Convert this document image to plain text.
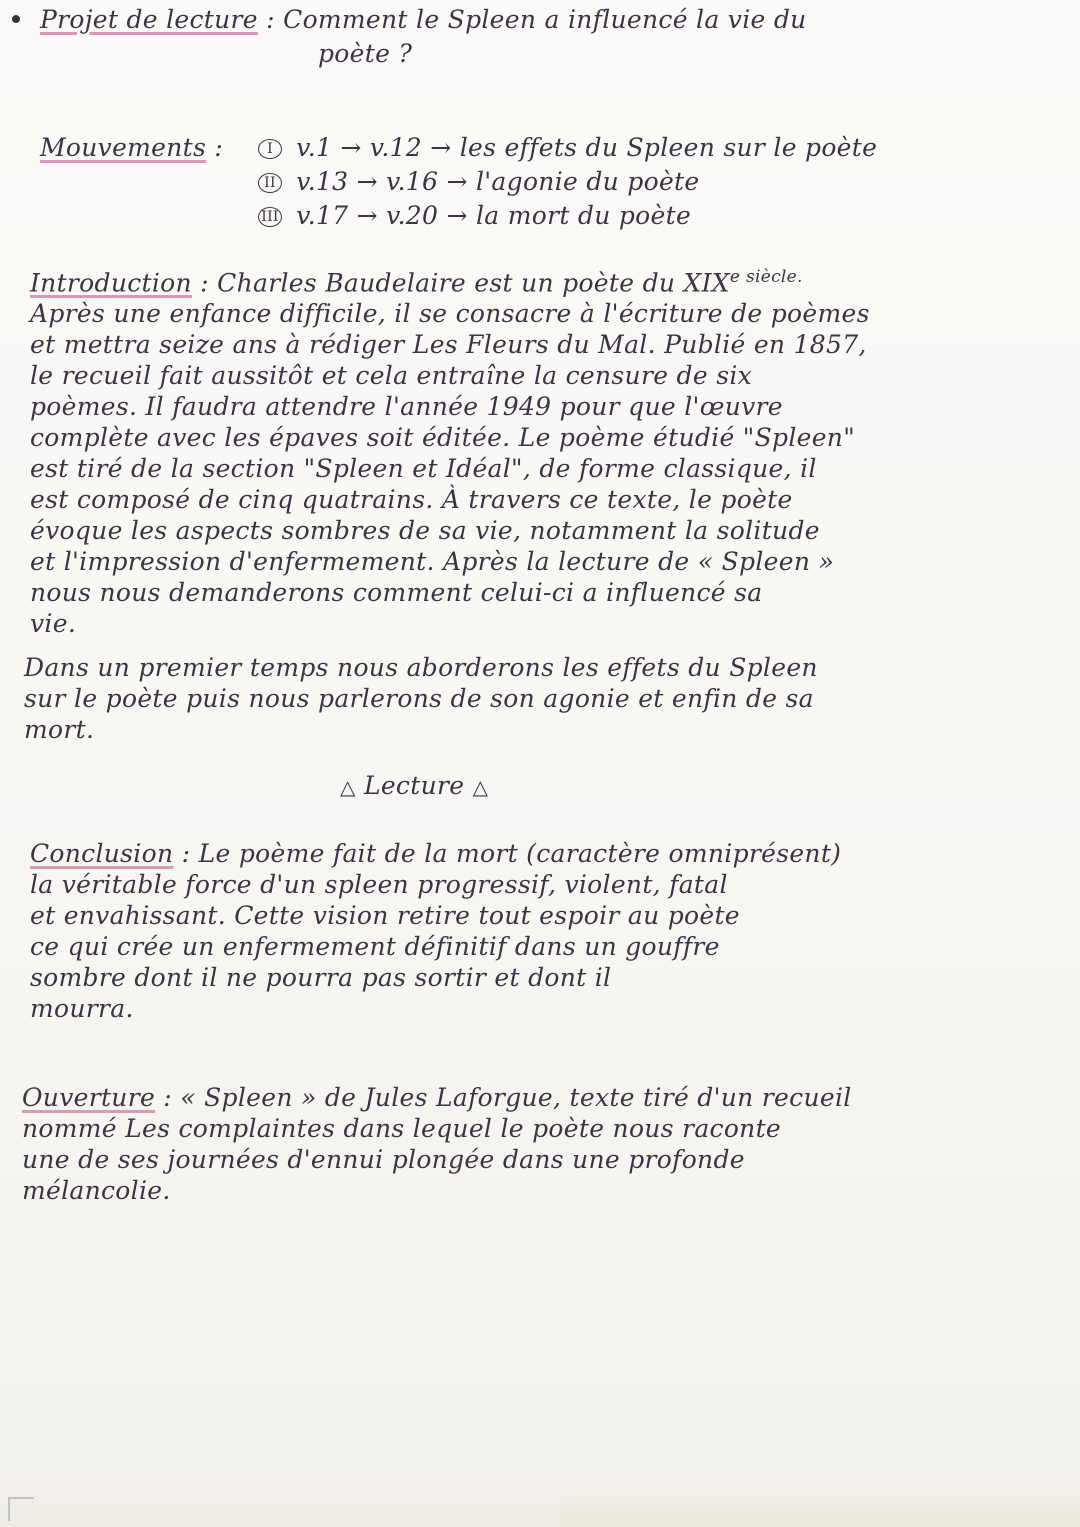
Projet de lecture : Comment le Spleen a influencé la vie du
poète ?
Mouvements :	I v.1 → v.12 → les effets du Spleen sur le poète
II v.13 → v.16 → l'agonie du poète
III v.17 → v.20 → la mort du poète
Introduction : Charles Baudelaire est un poète du $XIX^{e siècle.}$
Après une enfance difficile, il se consacre à l'écriture de poèmes
et mettra seize ans à rédiger Les Fleurs du Mal. Publié en 1857,
le recueil fait aussitôt et cela entraîne la censure de six
poèmes. Il faudra attendre l'année 1949 pour que l'œuvre
complète avec les épaves soit éditée. Le poème étudié "Spleen"
est tiré de la section "Spleen et Idéal", de forme classique, il
est composé de cinq quatrains. À travers ce texte, le poète
évoque les aspects sombres de sa vie, notamment la solitude
et l'impression d'enfermement. Après la lecture de « Spleen »
nous nous demanderons comment celui-ci a influencé sa
vie.
Dans un premier temps nous aborderons les effets du Spleen
sur le poète puis nous parlerons de son agonie et enfin de sa
mort.
△ Lecture △
Conclusion : Le poème fait de la mort (caractère omniprésent)
la véritable force d'un spleen progressif, violent, fatal
et envahissant. Cette vision retire tout espoir au poète
ce qui crée un enfermement définitif dans un gouffre
sombre dont il ne pourra pas sortir et dont il
mourra.
Ouverture : « Spleen » de Jules Laforgue, texte tiré d'un recueil
nommé Les complaintes dans lequel le poète nous raconte
une de ses journées d'ennui plongée dans une profonde
mélancolie.
